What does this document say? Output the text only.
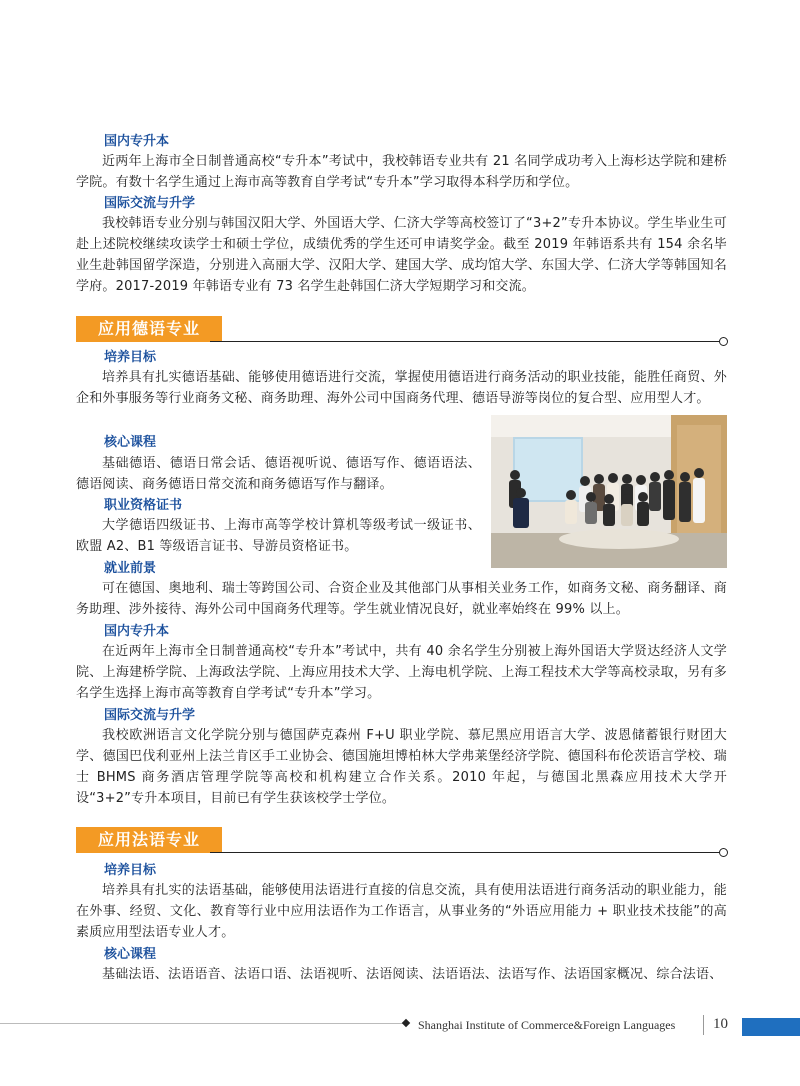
国内专升本

近两年上海市全日制普通高校“专升本”考试中，我校韩语专业共有 21 名同学成功考入上海杉达学院和建桥学院。有数十名学生通过上海市高等教育自学考试“专升本”学习取得本科学历和学位。

国际交流与升学

我校韩语专业分别与韩国汉阳大学、外国语大学、仁济大学等高校签订了“3+2”专升本协议。学生毕业生可赴上述院校继续攻读学士和硕士学位，成绩优秀的学生还可申请奖学金。截至 2019 年韩语系共有 154 余名毕业生赴韩国留学深造，分别进入高丽大学、汉阳大学、建国大学、成均馆大学、东国大学、仁济大学等韩国知名学府。2017-2019 年韩语专业有 73 名学生赴韩国仁济大学短期学习和交流。

应用德语专业
培养目标

培养具有扎实德语基础、能够使用德语进行交流，掌握使用德语进行商务活动的职业技能，能胜任商贸、外企和外事服务等行业商务文秘、商务助理、海外公司中国商务代理、德语导游等岗位的复合型、应用型人才。

核心课程

基础德语、德语日常会话、德语视听说、德语写作、德语语法、德语阅读、商务德语日常交流和商务德语写作与翻译。

职业资格证书

大学德语四级证书、上海市高等学校计算机等级考试一级证书、欧盟 A2、B1 等级语言证书、导游员资格证书。

就业前景

可在德国、奥地利、瑞士等跨国公司、合资企业及其他部门从事相关业务工作，如商务文秘、商务翻译、商务助理、涉外接待、海外公司中国商务代理等。学生就业情况良好，就业率始终在 99% 以上。

国内专升本

在近两年上海市全日制普通高校“专升本”考试中，共有 40 余名学生分别被上海外国语大学贤达经济人文学院、上海建桥学院、上海政法学院、上海应用技术大学、上海电机学院、上海工程技术大学等高校录取，另有多名学生选择上海市高等教育自学考试“专升本”学习。

国际交流与升学

我校欧洲语言文化学院分别与德国萨克森州 F+U 职业学院、慕尼黑应用语言大学、波恩储蓄银行财团大学、德国巴伐利亚州上法兰肯区手工业协会、德国施坦博柏林大学弗莱堡经济学院、德国科布伦茨语言学校、瑞士 BHMS 商务酒店管理学院等高校和机构建立合作关系。2010 年起，与德国北黑森应用技术大学开设“3+2”专升本项目，目前已有学生获该校学士学位。

应用法语专业
培养目标

培养具有扎实的法语基础，能够使用法语进行直接的信息交流，具有使用法语进行商务活动的职业能力，能在外事、经贸、文化、教育等行业中应用法语作为工作语言，从事业务的“外语应用能力 + 职业技术技能”的高素质应用型法语专业人才。

核心课程

基础法语、法语语音、法语口语、法语视听、法语阅读、法语语法、法语写作、法语国家概况、综合法语、

Shanghai Institute of Commerce&Foreign Languages	10
